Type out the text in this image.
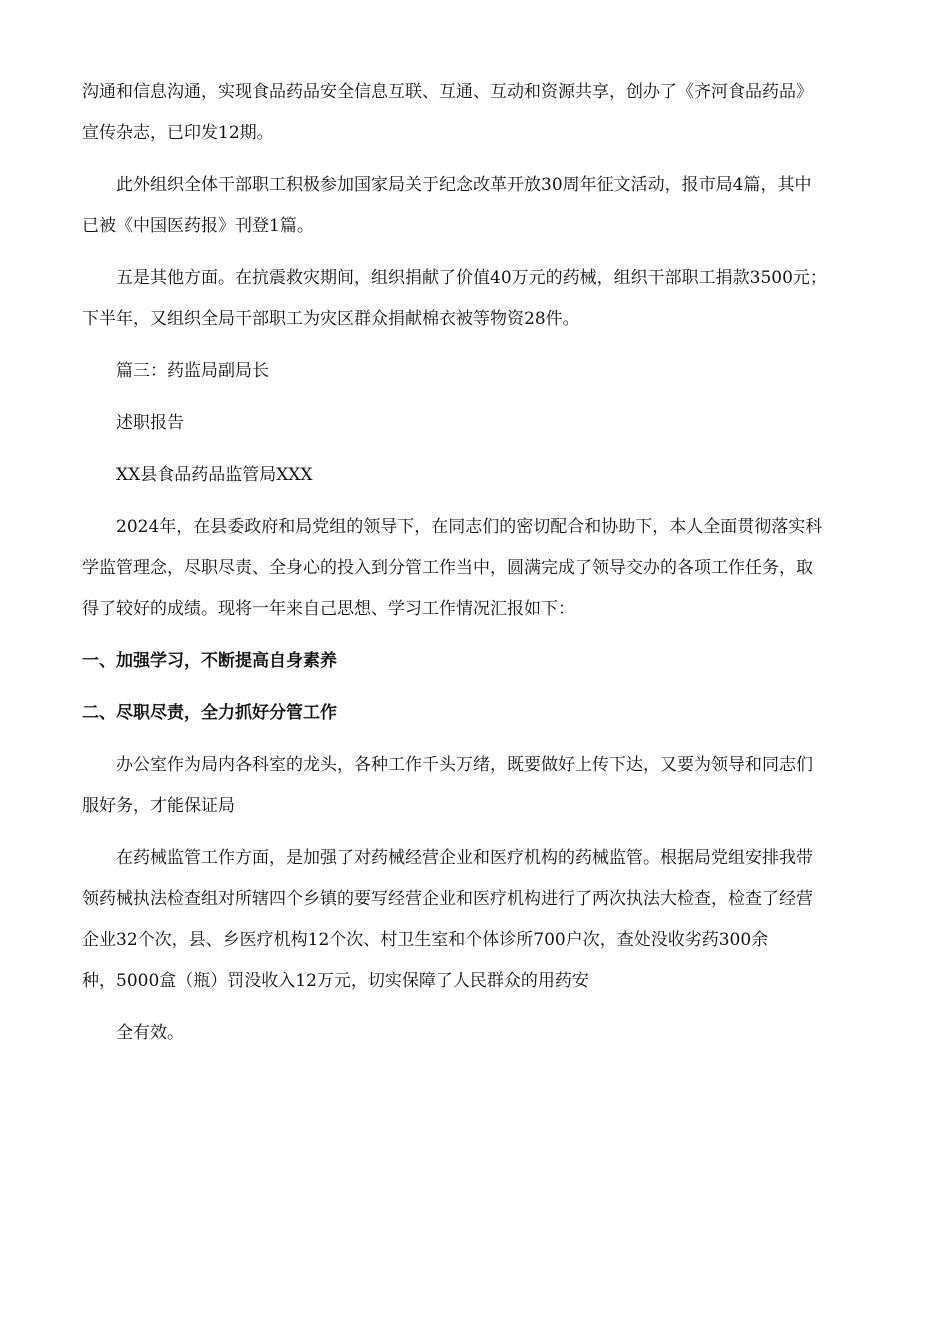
沟通和信息沟通，实现食品药品安全信息互联、互通、互动和资源共享，创办了《齐河食品药品》
宣传杂志，已印发12期。

此外组织全体干部职工积极参加国家局关于纪念改革开放30周年征文活动，报市局4篇，其中
已被《中国医药报》刊登1篇。

五是其他方面。在抗震救灾期间，组织捐献了价值40万元的药械，组织干部职工捐款3500元；
下半年，又组织全局干部职工为灾区群众捐献棉衣被等物资28件。

篇三：药监局副局长

述职报告

XX县食品药品监管局XXX

2024年，在县委政府和局党组的领导下，在同志们的密切配合和协助下，本人全面贯彻落实科
学监管理念，尽职尽责、全身心的投入到分管工作当中，圆满完成了领导交办的各项工作任务，取
得了较好的成绩。现将一年来自己思想、学习工作情况汇报如下：

一、加强学习，不断提高自身素养

二、尽职尽责，全力抓好分管工作

办公室作为局内各科室的龙头，各种工作千头万绪，既要做好上传下达，又要为领导和同志们
服好务，才能保证局

在药械监管工作方面，是加强了对药械经营企业和医疗机构的药械监管。根据局党组安排我带
领药械执法检查组对所辖四个乡镇的要写经营企业和医疗机构进行了两次执法大检查，检查了经营
企业32个次，县、乡医疗机构12个次、村卫生室和个体诊所700户次，查处没收劣药300余
种，5000盒（瓶）罚没收入12万元，切实保障了人民群众的用药安

全有效。
